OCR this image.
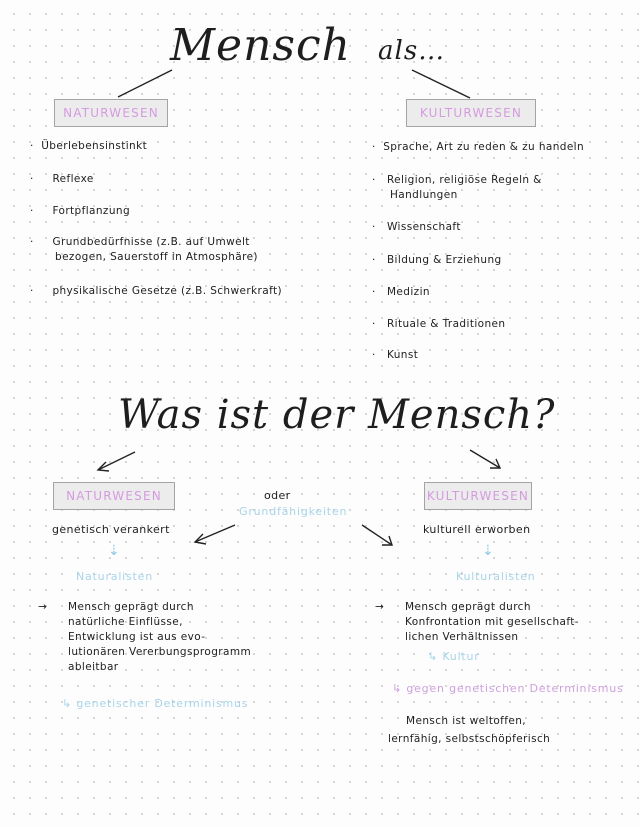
Mensch als…
NATURWESEN	KULTURWESEN
·  Überlebensinstinkt
·     Reflexe
·     Fortpflanzung
·     Grundbedürfnisse (z.B. auf Umwelt
bezogen, Sauerstoff in Atmosphäre)
·     physikalische Gesetze (z.B. Schwerkraft)
·  Sprache, Art zu reden & zu handeln
·   Religion, religiöse Regeln &
Handlungen
·   Wissenschaft
·   Bildung & Erziehung
·   Medizin
·   Rituale & Traditionen
·   Kunst
Was ist der Mensch?
NATURWESEN	KULTURWESEN
oder
Grundfähigkeiten
genetisch verankert
⇣
Naturalisten
kulturell erworben
⇣
Kulturalisten
→ Mensch geprägt durch
natürliche Einflüsse,
Entwicklung ist aus evo-
lutionären Vererbungsprogramm
ableitbar
↳ genetischer Determinismus
→ Mensch geprägt durch
Konfrontation mit gesellschaft-
lichen Verhältnissen
↳ Kultur
↳ gegen genetischen Determinismus
Mensch ist weltoffen,
lernfähig, selbstschöpferisch
